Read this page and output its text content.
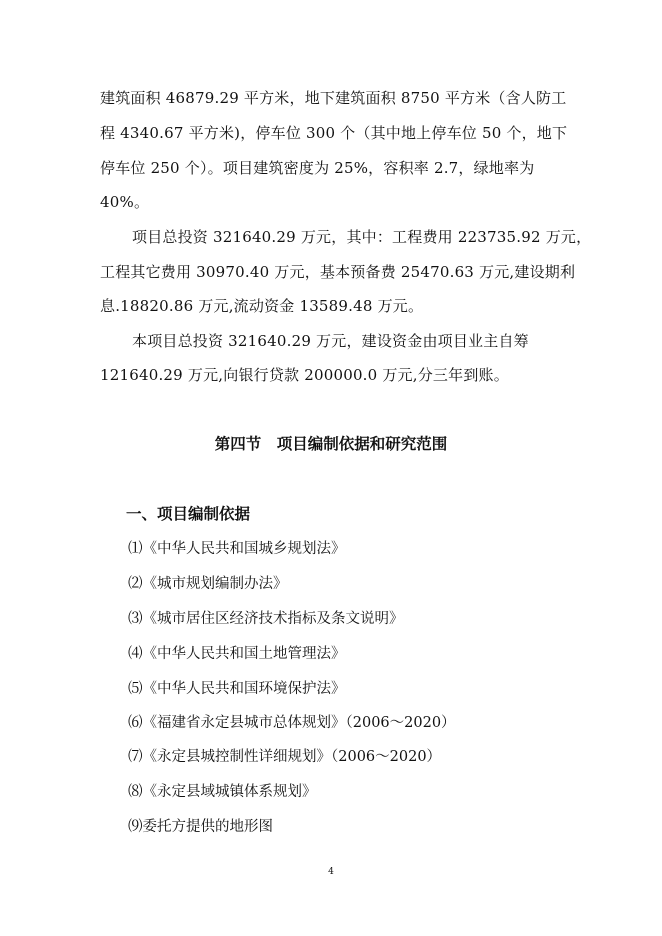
建筑面积 46879.29 平方米，地下建筑面积 8750 平方米（含人防工
程 4340.67 平方米)，停车位 300 个（其中地上停车位 50 个，地下
停车位 250 个）。项目建筑密度为 25%，容积率 2.7，绿地率为
40%。
项目总投资 321640.29 万元，其中：工程费用 223735.92 万元，
工程其它费用 30970.40 万元，基本预备费 25470.63 万元,建设期利
息.18820.86 万元,流动资金 13589.48 万元。
本项目总投资 321640.29 万元，建设资金由项目业主自筹
121640.29 万元,向银行贷款 200000.0 万元,分三年到账。
第四节　项目编制依据和研究范围
一、项目编制依据
⑴《中华人民共和国城乡规划法》
⑵《城市规划编制办法》
⑶《城市居住区经济技术指标及条文说明》
⑷《中华人民共和国土地管理法》
⑸《中华人民共和国环境保护法》
⑹《福建省永定县城市总体规划》（2006～2020）
⑺《永定县城控制性详细规划》（2006～2020）
⑻《永定县域城镇体系规划》
⑼委托方提供的地形图
4
